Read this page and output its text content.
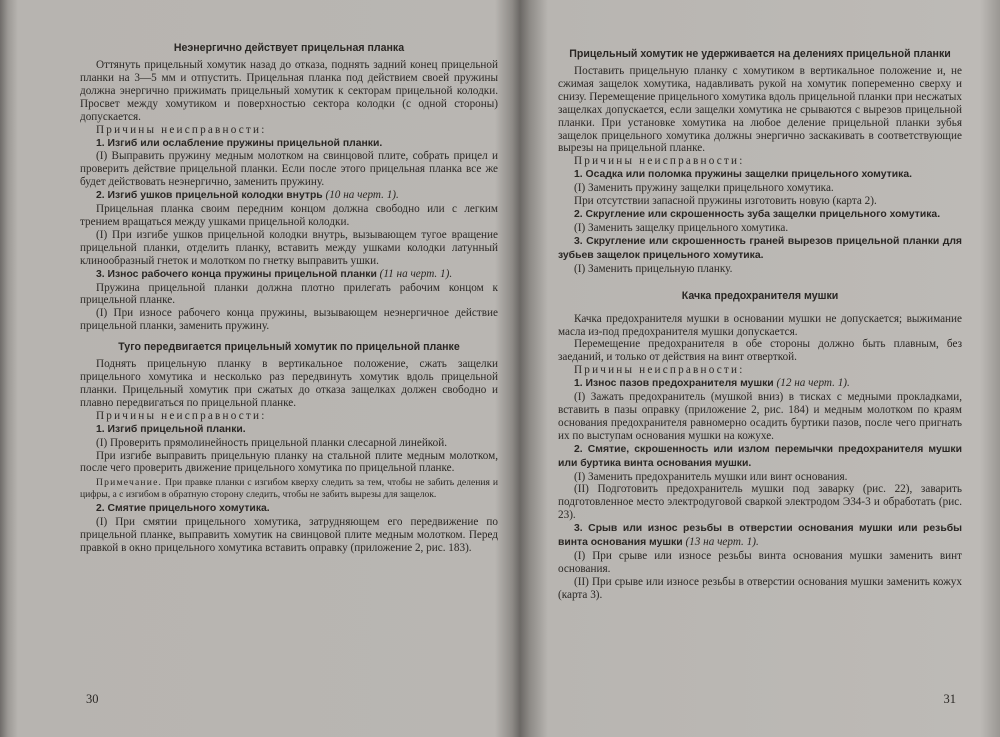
Неэнергично действует прицельная планка

Оттянуть прицельный хомутик назад до отказа, поднять задний конец прицельной планки на 3—5 мм и отпустить. Прицельная планка под действием своей пружины должна энергично прижимать прицельный хомутик к секторам прицельной колодки. Просвет между хомутиком и поверхностью сектора колодки (с одной стороны) допускается.

Причины неисправности:

1. Изгиб или ослабление пружины прицельной планки.

(I) Выправить пружину медным молотком на свинцовой плите, собрать прицел и проверить действие прицельной планки. Если после этого прицельная планка все же будет действовать неэнергично, заменить пружину.

2. Изгиб ушков прицельной колодки внутрь (10 на черт. 1).

Прицельная планка своим передним концом должна свободно или с легким трением вращаться между ушками прицельной колодки.

(I) При изгибе ушков прицельной колодки внутрь, вызывающем тугое вращение прицельной планки, отделить планку, вставить между ушками колодки латунный клинообразный гнеток и молотком по гнетку выправить ушки.

3. Износ рабочего конца пружины прицельной планки (11 на черт. 1).

Пружина прицельной планки должна плотно прилегать рабочим концом к прицельной планке.

(I) При износе рабочего конца пружины, вызывающем неэнергичное действие прицельной планки, заменить пружину.

Туго передвигается прицельный хомутик по прицельной планке

Поднять прицельную планку в вертикальное положение, сжать защелки прицельного хомутика и несколько раз передвинуть хомутик вдоль прицельной планки. Прицельный хомутик при сжатых до отказа защелках должен свободно и плавно передвигаться по прицельной планке.

Причины неисправности:

1. Изгиб прицельной планки.

(I) Проверить прямолинейность прицельной планки слесарной линейкой.

При изгибе выправить прицельную планку на стальной плите медным молотком, после чего проверить движение прицельного хомутика по прицельной планке.

Примечание. При правке планки с изгибом кверху следить за тем, чтобы не забить деления и цифры, а с изгибом в обратную сторону следить, чтобы не забить вырезы для защелок.

2. Смятие прицельного хомутика.

(I) При смятии прицельного хомутика, затрудняющем его передвижение по прицельной планке, выправить хомутик на свинцовой плите медным молотком. Перед правкой в окно прицельного хомутика вставить оправку (приложение 2, рис. 183).

30
Прицельный хомутик не удерживается на делениях прицельной планки

Поставить прицельную планку с хомутиком в вертикальное положение и, не сжимая защелок хомутика, надавливать рукой на хомутик попеременно сверху и снизу. Перемещение прицельного хомутика вдоль прицельной планки при несжатых защелках допускается, если защелки хомутика не срываются с вырезов прицельной планки. При установке хомутика на любое деление прицельной планки зубья защелок прицельного хомутика должны энергично заскакивать в соответствующие вырезы на прицельной планке.

Причины неисправности:

1. Осадка или поломка пружины защелки прицельного хомутика.

(I) Заменить пружину защелки прицельного хомутика.

При отсутствии запасной пружины изготовить новую (карта 2).

2. Скругление или скрошенность зуба защелки прицельного хомутика.

(I) Заменить защелку прицельного хомутика.

3. Скругление или скрошенность граней вырезов прицельной планки для зубьев защелок прицельного хомутика.

(I) Заменить прицельную планку.

Качка предохранителя мушки

Качка предохранителя мушки в основании мушки не допускается; выжимание масла из-под предохранителя мушки допускается.

Перемещение предохранителя в обе стороны должно быть плавным, без заеданий, и только от действия на винт отверткой.

Причины неисправности:

1. Износ пазов предохранителя мушки (12 на черт. 1).

(I) Зажать предохранитель (мушкой вниз) в тисках с медными прокладками, вставить в пазы оправку (приложение 2, рис. 184) и медным молотком по краям основания предохранителя равномерно осадить буртики пазов, после чего пригнать их по выступам основания мушки на кожухе.

2. Смятие, скрошенность или излом перемычки предохранителя мушки или буртика винта основания мушки.

(I) Заменить предохранитель мушки или винт основания.

(II) Подготовить предохранитель мушки под заварку (рис. 22), заварить подготовленное место электродуговой сваркой электродом Э34-3 и обработать (рис. 23).

3. Срыв или износ резьбы в отверстии основания мушки или резьбы винта основания мушки (13 на черт. 1).

(I) При срыве или износе резьбы винта основания мушки заменить винт основания.

(II) При срыве или износе резьбы в отверстии основания мушки заменить кожух (карта 3).

31
